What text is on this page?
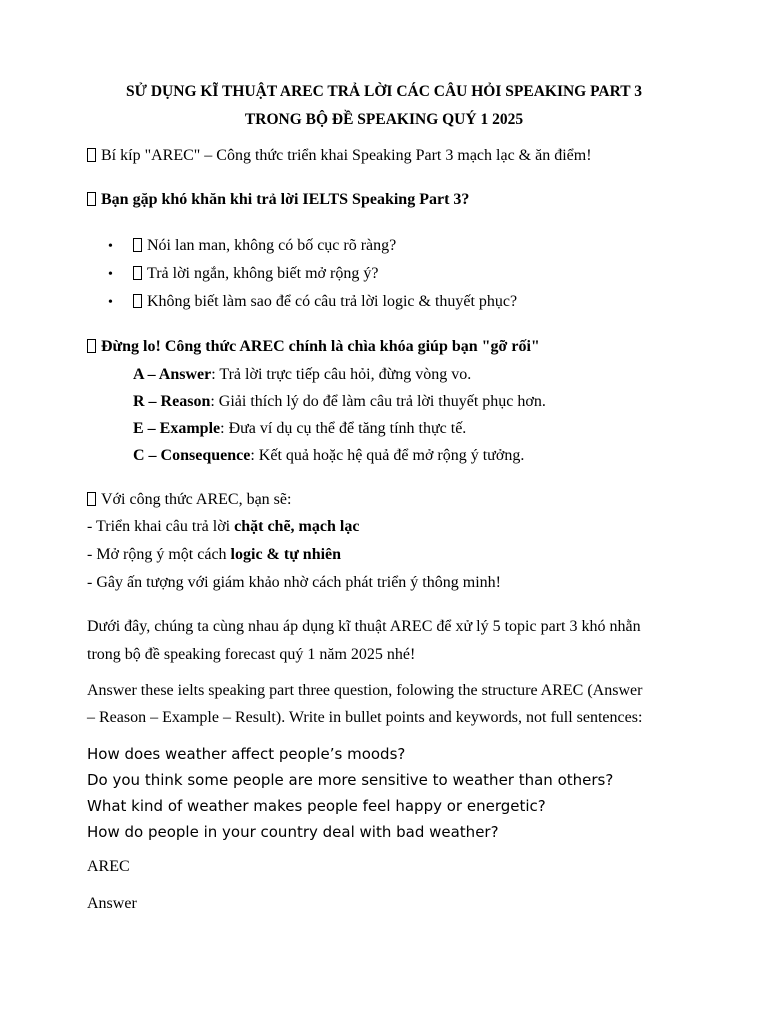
SỬ DỤNG KĨ THUẬT AREC TRẢ LỜI CÁC CÂU HỎI SPEAKING PART 3
TRONG BỘ ĐỀ SPEAKING QUÝ 1 2025
Bí kíp "AREC" – Công thức triển khai Speaking Part 3 mạch lạc & ăn điểm!
Bạn gặp khó khăn khi trả lời IELTS Speaking Part 3?
•	Nói lan man, không có bố cục rõ ràng?
•	Trả lời ngắn, không biết mở rộng ý?
•	Không biết làm sao để có câu trả lời logic & thuyết phục?
Đừng lo! Công thức AREC chính là chìa khóa giúp bạn "gỡ rối"
A – Answer: Trả lời trực tiếp câu hỏi, đừng vòng vo.
R – Reason: Giải thích lý do để làm câu trả lời thuyết phục hơn.
E – Example: Đưa ví dụ cụ thể để tăng tính thực tế.
C – Consequence: Kết quả hoặc hệ quả để mở rộng ý tưởng.
Với công thức AREC, bạn sẽ:
- Triển khai câu trả lời chặt chẽ, mạch lạc
- Mở rộng ý một cách logic & tự nhiên
- Gây ấn tượng với giám khảo nhờ cách phát triển ý thông minh!
Dưới đây, chúng ta cùng nhau áp dụng kĩ thuật AREC để xử lý 5 topic part 3 khó nhằn
trong bộ đề speaking forecast quý 1 năm 2025 nhé!
Answer these ielts speaking part three question, folowing the structure AREC (Answer
– Reason – Example – Result). Write in bullet points and keywords, not full sentences:
How does weather affect people’s moods?
Do you think some people are more sensitive to weather than others?
What kind of weather makes people feel happy or energetic?
How do people in your country deal with bad weather?
AREC
Answer
